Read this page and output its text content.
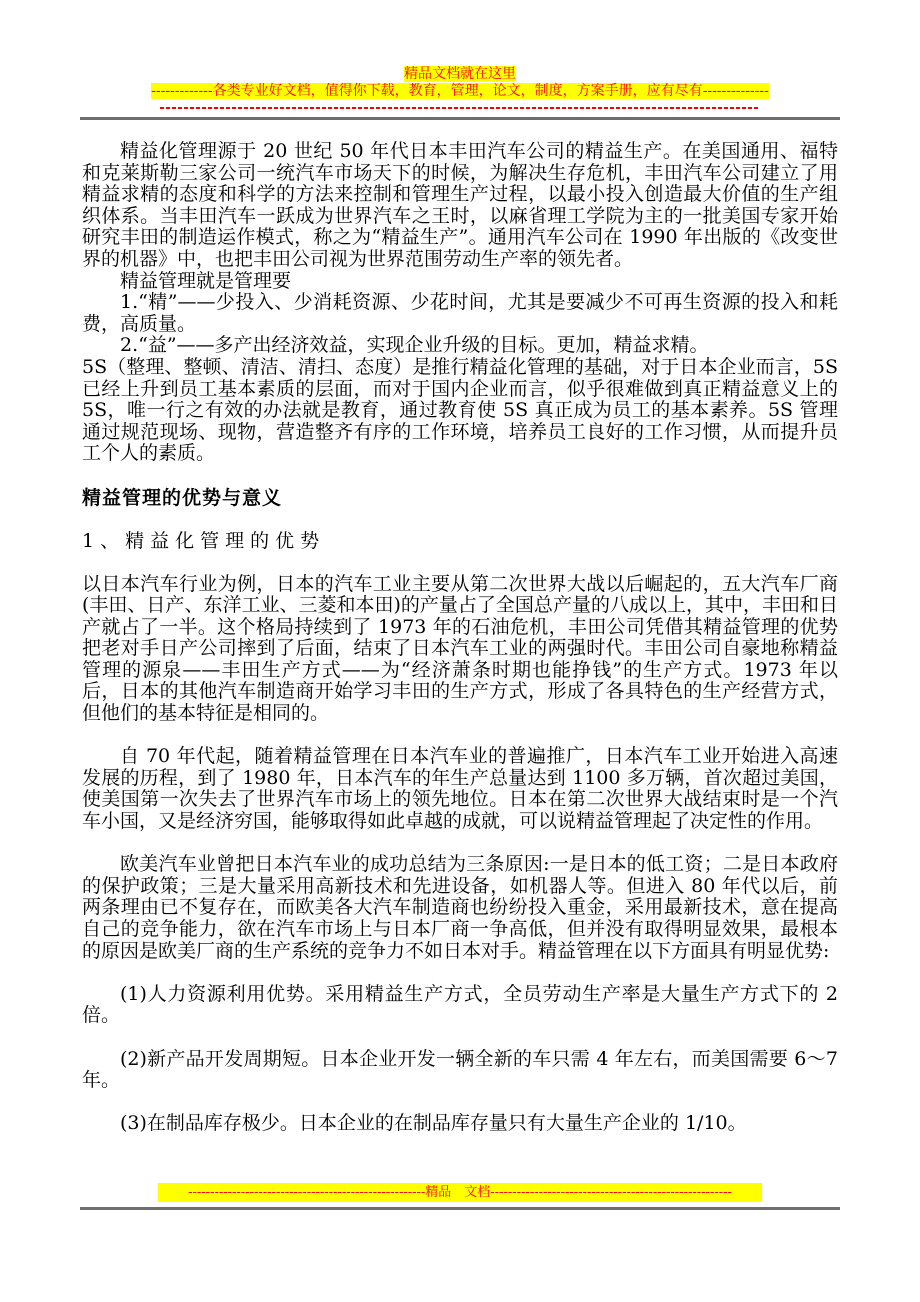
精品文档就在这里
-------------各类专业好文档，值得你下载，教育，管理，论文，制度，方案手册，应有尽有--------------

精益化管理源于 20 世纪 50 年代日本丰田汽车公司的精益生产。在美国通用、福特和克莱斯勒三家公司一统汽车市场天下的时候，为解决生存危机，丰田汽车公司建立了用精益求精的态度和科学的方法来控制和管理生产过程，以最小投入创造最大价值的生产组织体系。当丰田汽车一跃成为世界汽车之王时，以麻省理工学院为主的一批美国专家开始研究丰田的制造运作模式，称之为“精益生产”。通用汽车公司在 1990 年出版的《改变世界的机器》中，也把丰田公司视为世界范围劳动生产率的领先者。

精益管理就是管理要

1.“精”——少投入、少消耗资源、少花时间，尤其是要减少不可再生资源的投入和耗费，高质量。

2.“益”——多产出经济效益，实现企业升级的目标。更加，精益求精。

5S（整理、整顿、清洁、清扫、态度）是推行精益化管理的基础，对于日本企业而言，5S 已经上升到员工基本素质的层面，而对于国内企业而言，似乎很难做到真正精益意义上的 5S，唯一行之有效的办法就是教育，通过教育使 5S 真正成为员工的基本素养。5S 管理通过规范现场、现物，营造整齐有序的工作环境，培养员工良好的工作习惯，从而提升员工个人的素质。

精益管理的优势与意义
1、精益化管理的优势

以日本汽车行业为例，日本的汽车工业主要从第二次世界大战以后崛起的，五大汽车厂商(丰田、日产、东洋工业、三菱和本田)的产量占了全国总产量的八成以上，其中，丰田和日产就占了一半。这个格局持续到了 1973 年的石油危机，丰田公司凭借其精益管理的优势把老对手日产公司摔到了后面，结束了日本汽车工业的两强时代。丰田公司自豪地称精益管理的源泉——丰田生产方式——为“经济萧条时期也能挣钱”的生产方式。1973 年以后，日本的其他汽车制造商开始学习丰田的生产方式，形成了各具特色的生产经营方式，但他们的基本特征是相同的。

自 70 年代起，随着精益管理在日本汽车业的普遍推广，日本汽车工业开始进入高速发展的历程，到了 1980 年，日本汽车的年生产总量达到 1100 多万辆，首次超过美国，使美国第一次失去了世界汽车市场上的领先地位。日本在第二次世界大战结束时是一个汽车小国，又是经济穷国，能够取得如此卓越的成就，可以说精益管理起了决定性的作用。

欧美汽车业曾把日本汽车业的成功总结为三条原因:一是日本的低工资；二是日本政府的保护政策；三是大量采用高新技术和先进设备，如机器人等。但进入 80 年代以后，前两条理由已不复存在，而欧美各大汽车制造商也纷纷投入重金，采用最新技术，意在提高自己的竞争能力，欲在汽车市场上与日本厂商一争高低，但并没有取得明显效果，最根本的原因是欧美厂商的生产系统的竞争力不如日本对手。精益管理在以下方面具有明显优势:

(1)人力资源利用优势。采用精益生产方式，全员劳动生产率是大量生产方式下的 2 倍。

(2)新产品开发周期短。日本企业开发一辆全新的车只需 4 年左右，而美国需要 6～7 年。

(3)在制品库存极少。日本企业的在制品库存量只有大量生产企业的 1/10。

------------------------------------------------------精品　文档-------------------------------------------------------
